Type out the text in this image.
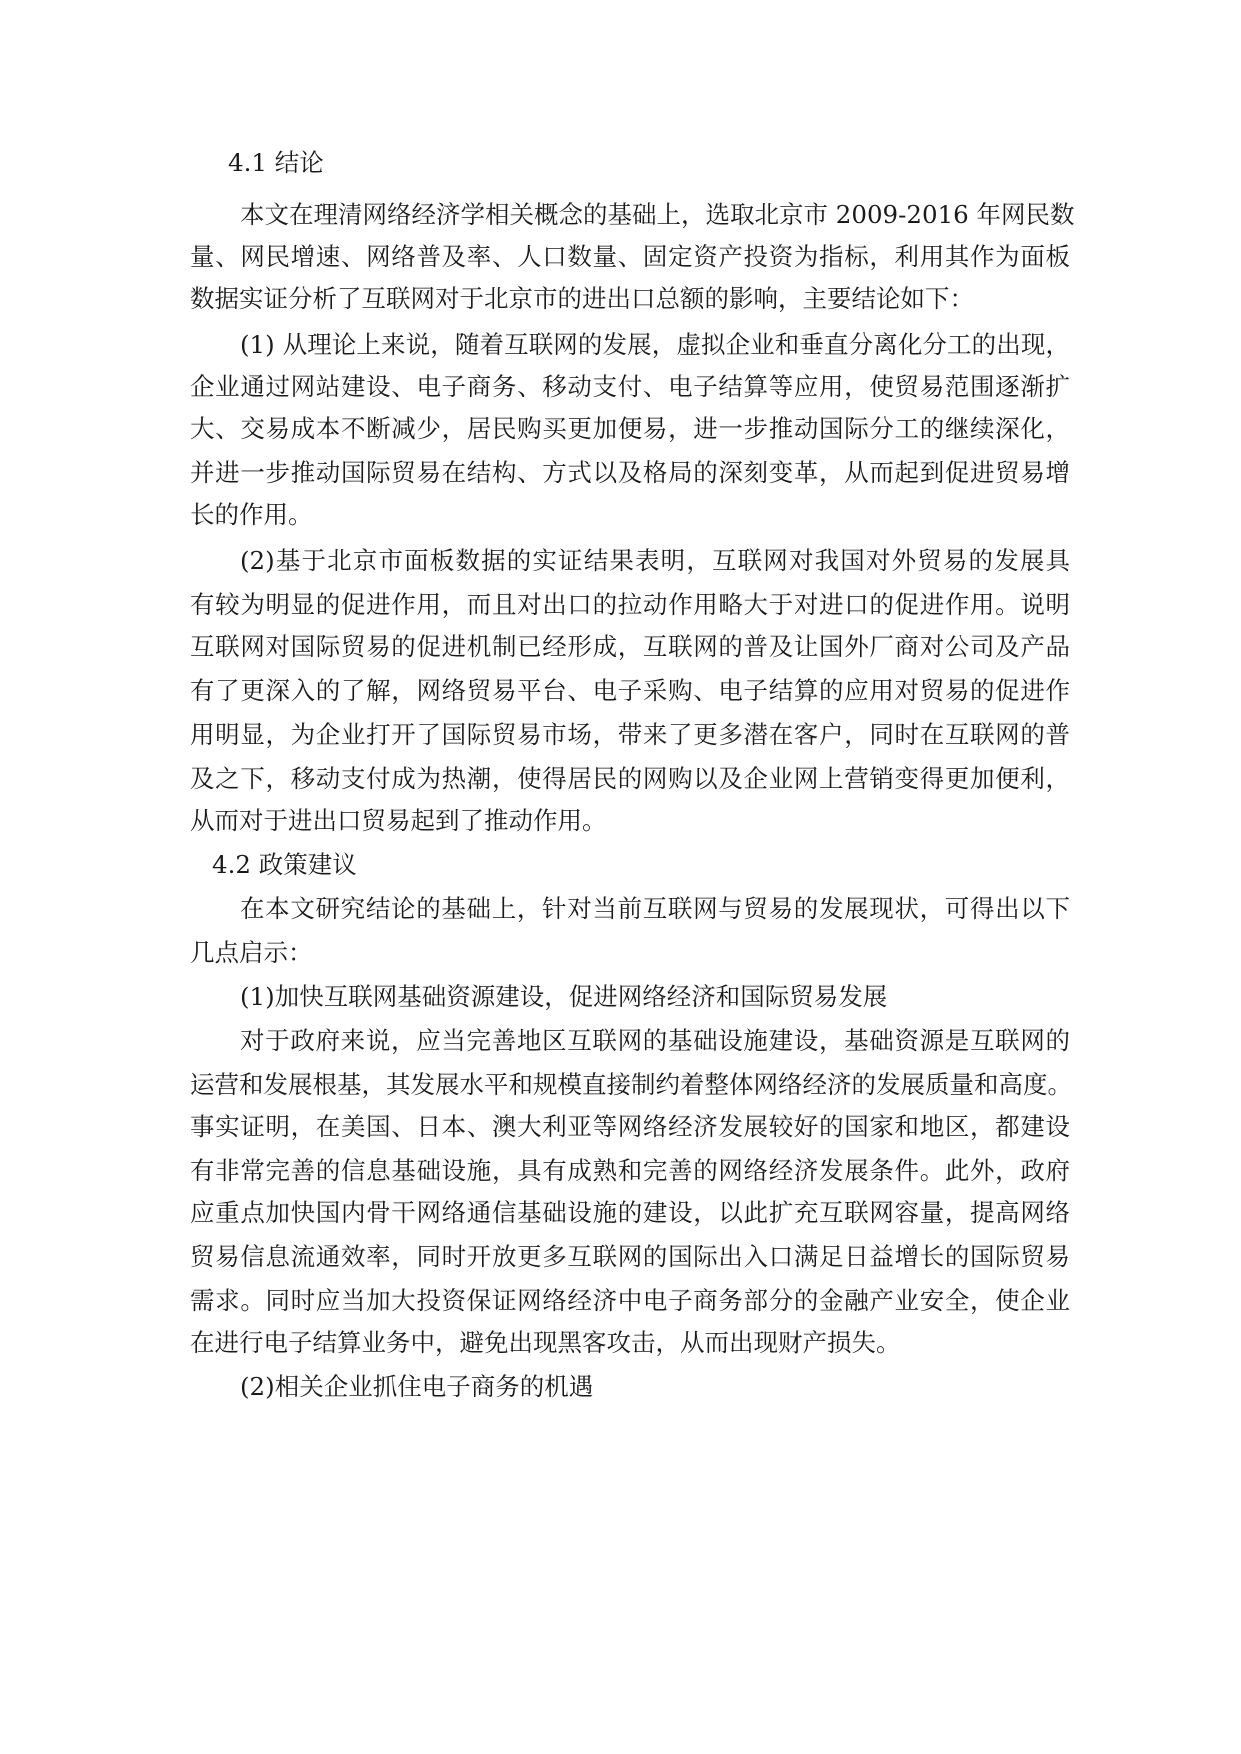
4.1 结论
本文在理清网络经济学相关概念的基础上，选取北京市 2009-2016 年网民数
量、网民增速、网络普及率、人口数量、固定资产投资为指标，利用其作为面板
数据实证分析了互联网对于北京市的进出口总额的影响，主要结论如下：
(1) 从理论上来说，随着互联网的发展，虚拟企业和垂直分离化分工的出现，
企业通过网站建设、电子商务、移动支付、电子结算等应用，使贸易范围逐渐扩
大、交易成本不断减少，居民购买更加便易，进一步推动国际分工的继续深化，
并进一步推动国际贸易在结构、方式以及格局的深刻变革，从而起到促进贸易增
长的作用。
(2)基于北京市面板数据的实证结果表明，互联网对我国对外贸易的发展具
有较为明显的促进作用，而且对出口的拉动作用略大于对进口的促进作用。说明
互联网对国际贸易的促进机制已经形成，互联网的普及让国外厂商对公司及产品
有了更深入的了解，网络贸易平台、电子采购、电子结算的应用对贸易的促进作
用明显，为企业打开了国际贸易市场，带来了更多潜在客户，同时在互联网的普
及之下，移动支付成为热潮，使得居民的网购以及企业网上营销变得更加便利，
从而对于进出口贸易起到了推动作用。
4.2 政策建议
在本文研究结论的基础上，针对当前互联网与贸易的发展现状，可得出以下
几点启示：
(1)加快互联网基础资源建设，促进网络经济和国际贸易发展
对于政府来说，应当完善地区互联网的基础设施建设，基础资源是互联网的
运营和发展根基，其发展水平和规模直接制约着整体网络经济的发展质量和高度。
事实证明，在美国、日本、澳大利亚等网络经济发展较好的国家和地区，都建设
有非常完善的信息基础设施，具有成熟和完善的网络经济发展条件。此外，政府
应重点加快国内骨干网络通信基础设施的建设，以此扩充互联网容量，提高网络
贸易信息流通效率，同时开放更多互联网的国际出入口满足日益增长的国际贸易
需求。同时应当加大投资保证网络经济中电子商务部分的金融产业安全，使企业
在进行电子结算业务中，避免出现黑客攻击，从而出现财产损失。
(2)相关企业抓住电子商务的机遇
